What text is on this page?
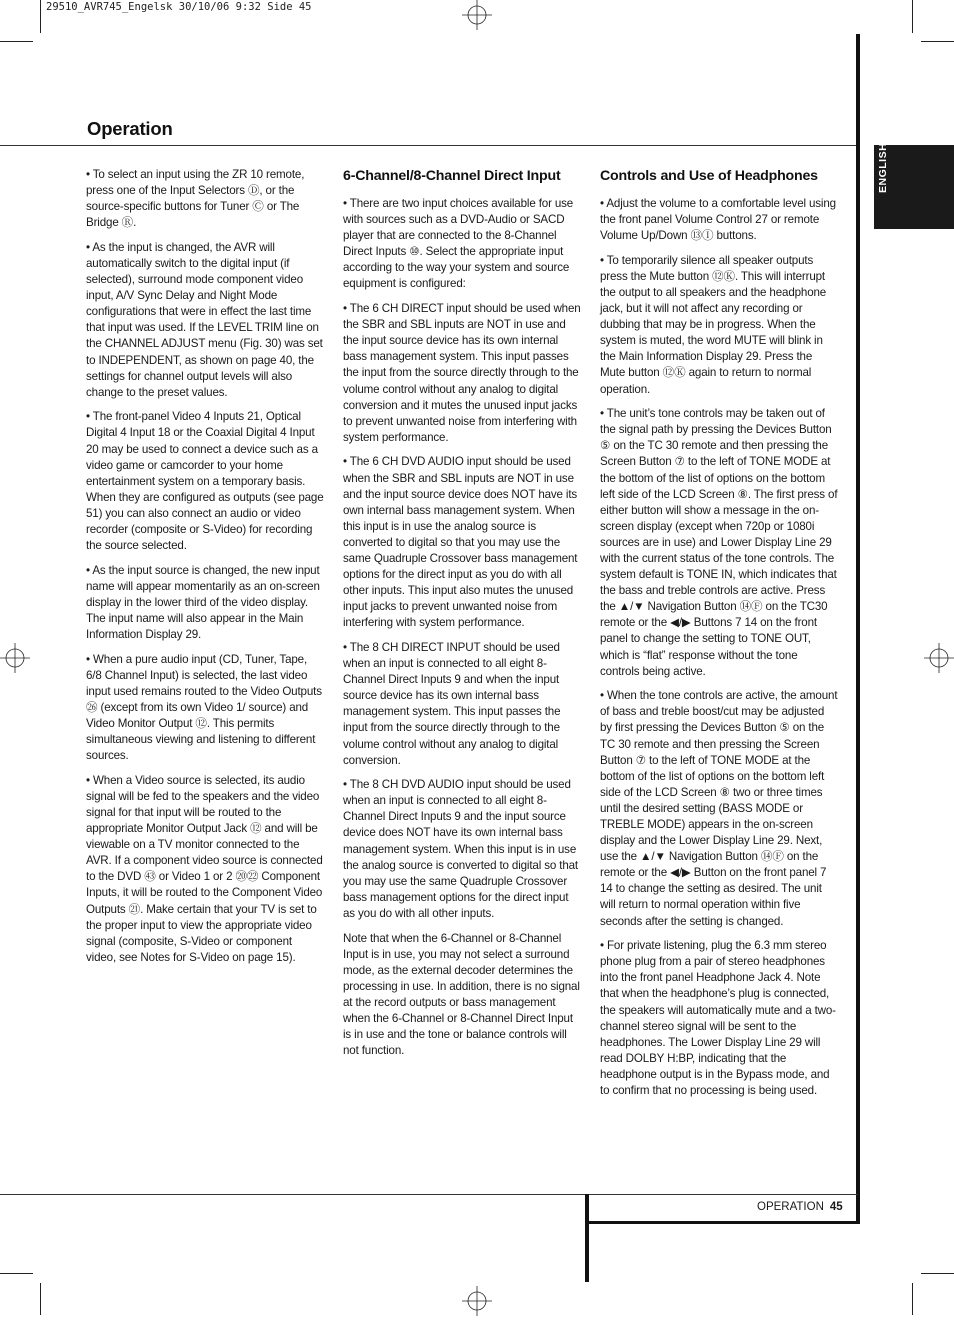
29510_AVR745_Engelsk 30/10/06 9:32 Side 45
Operation
ENGLISH

• To select an input using the ZR 10 remote, press one of the Input Selectors Ⓓ, or the source-specific buttons for Tuner Ⓒ or The Bridge Ⓡ.

• As the input is changed, the AVR will automatically switch to the digital input (if selected), surround mode component video input, A/V Sync Delay and Night Mode configurations that were in effect the last time that input was used. If the LEVEL TRIM line on the CHANNEL ADJUST menu (Fig. 30) was set to INDEPENDENT, as shown on page 40, the settings for channel output levels will also change to the preset values.

• The front-panel Video 4 Inputs 21, Optical Digital 4 Input 18 or the Coaxial Digital 4 Input 20 may be used to connect a device such as a video game or camcorder to your home entertainment system on a temporary basis. When they are configured as outputs (see page 51) you can also connect an audio or video recorder (composite or S-Video) for recording the source selected.

• As the input source is changed, the new input name will appear momentarily as an on-screen display in the lower third of the video display. The input name will also appear in the Main Information Display 29.

• When a pure audio input (CD, Tuner, Tape, 6/8 Channel Input) is selected, the last video input used remains routed to the Video Outputs ㉖ (except from its own Video 1/ source) and Video Monitor Output ⑫. This permits simultaneous viewing and listening to different sources.

• When a Video source is selected, its audio signal will be fed to the speakers and the video signal for that input will be routed to the appropriate Monitor Output Jack ⑫ and will be viewable on a TV monitor connected to the AVR. If a component video source is connected to the DVD ㊸ or Video 1 or 2 ⑳㉒ Component Inputs, it will be routed to the Component Video Outputs ㉑. Make certain that your TV is set to the proper input to view the appropriate video signal (composite, S-Video or component video, see Notes for S-Video on page 15).

6-Channel/8-Channel Direct Input

• There are two input choices available for use with sources such as a DVD-Audio or SACD player that are connected to the 8-Channel Direct Inputs ⑩. Select the appropriate input according to the way your system and source equipment is configured:

• The 6 CH DIRECT input should be used when the SBR and SBL inputs are NOT in use and the input source device has its own internal bass management system. This input passes the input from the source directly through to the volume control without any analog to digital conversion and it mutes the unused input jacks to prevent unwanted noise from interfering with system performance.

• The 6 CH DVD AUDIO input should be used when the SBR and SBL inputs are NOT in use and the input source device does NOT have its own internal bass management system. When this input is in use the analog source is converted to digital so that you may use the same Quadruple Crossover bass management options for the direct input as you do with all other inputs. This input also mutes the unused input jacks to prevent unwanted noise from interfering with system performance.

• The 8 CH DIRECT INPUT should be used when an input is connected to all eight 8-Channel Direct Inputs 9 and when the input source device has its own internal bass management system. This input passes the input from the source directly through to the volume control without any analog to digital conversion.

• The 8 CH DVD AUDIO input should be used when an input is connected to all eight 8-Channel Direct Inputs 9 and the input source device does NOT have its own internal bass management system. When this input is in use the analog source is converted to digital so that you may use the same Quadruple Crossover bass management options for the direct input as you do with all other inputs.

Note that when the 6-Channel or 8-Channel Input is in use, you may not select a surround mode, as the external decoder determines the processing in use. In addition, there is no signal at the record outputs or bass management when the 6-Channel or 8-Channel Direct Input is in use and the tone or balance controls will not function.

Controls and Use of Headphones

• Adjust the volume to a comfortable level using the front panel Volume Control 27 or remote Volume Up/Down ⑬Ⓘ buttons.

• To temporarily silence all speaker outputs press the Mute button ⑫Ⓚ. This will interrupt the output to all speakers and the headphone jack, but it will not affect any recording or dubbing that may be in progress. When the system is muted, the word MUTE will blink in the Main Information Display 29. Press the Mute button ⑫Ⓚ again to return to normal operation.

• The unit’s tone controls may be taken out of the signal path by pressing the Devices Button ⑤ on the TC 30 remote and then pressing the Screen Button ⑦ to the left of TONE MODE at the bottom of the list of options on the bottom left side of the LCD Screen ⑧. The first press of either button will show a message in the on-screen display (except when 720p or 1080i sources are in use) and Lower Display Line 29 with the current status of the tone controls. The system default is TONE IN, which indicates that the bass and treble controls are active. Press the ▲/▼ Navigation Button ⑭Ⓕ on the TC30 remote or the ◀/▶ Buttons 7 14 on the front panel to change the setting to TONE OUT, which is “flat” response without the tone controls being active.

• When the tone controls are active, the amount of bass and treble boost/cut may be adjusted by first pressing the Devices Button ⑤ on the TC 30 remote and then pressing the Screen Button ⑦ to the left of TONE MODE at the bottom of the list of options on the bottom left side of the LCD Screen ⑧ two or three times until the desired setting (BASS MODE or TREBLE MODE) appears in the on-screen display and the Lower Display Line 29. Next, use the ▲/▼ Navigation Button ⑭Ⓕ on the remote or the ◀/▶ Button on the front panel 7 14 to change the setting as desired. The unit will return to normal operation within five seconds after the setting is changed.

• For private listening, plug the 6.3 mm stereo phone plug from a pair of stereo headphones into the front panel Headphone Jack 4. Note that when the headphone’s plug is connected, the speakers will automatically mute and a two-channel stereo signal will be sent to the headphones. The Lower Display Line 29 will read DOLBY H:BP, indicating that the headphone output is in the Bypass mode, and to confirm that no processing is being used.

OPERATION 45
